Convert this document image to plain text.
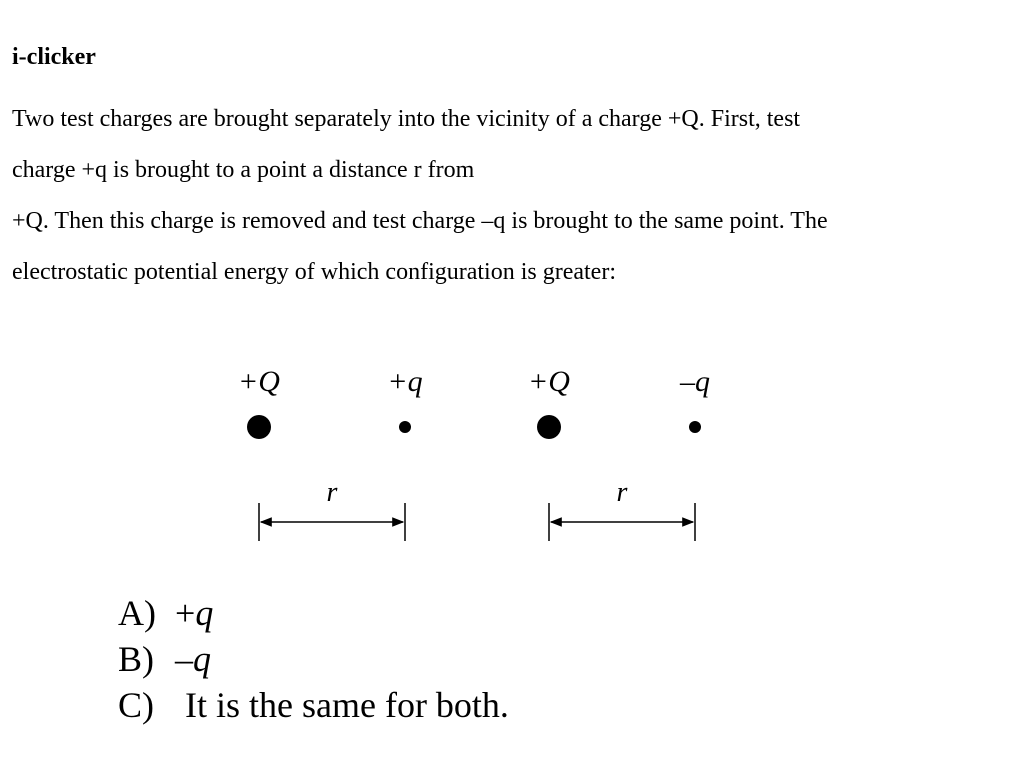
i-clicker
Two test charges are brought separately into the vicinity of a charge +Q. First, test
charge +q is brought to a point a distance r from
+Q. Then this charge is removed and test charge –q is brought to the same point. The
electrostatic potential energy of which configuration is greater:
+Q	+q
r
+Q	–q
r
A) +q
B) –q
C) It is the same for both.
